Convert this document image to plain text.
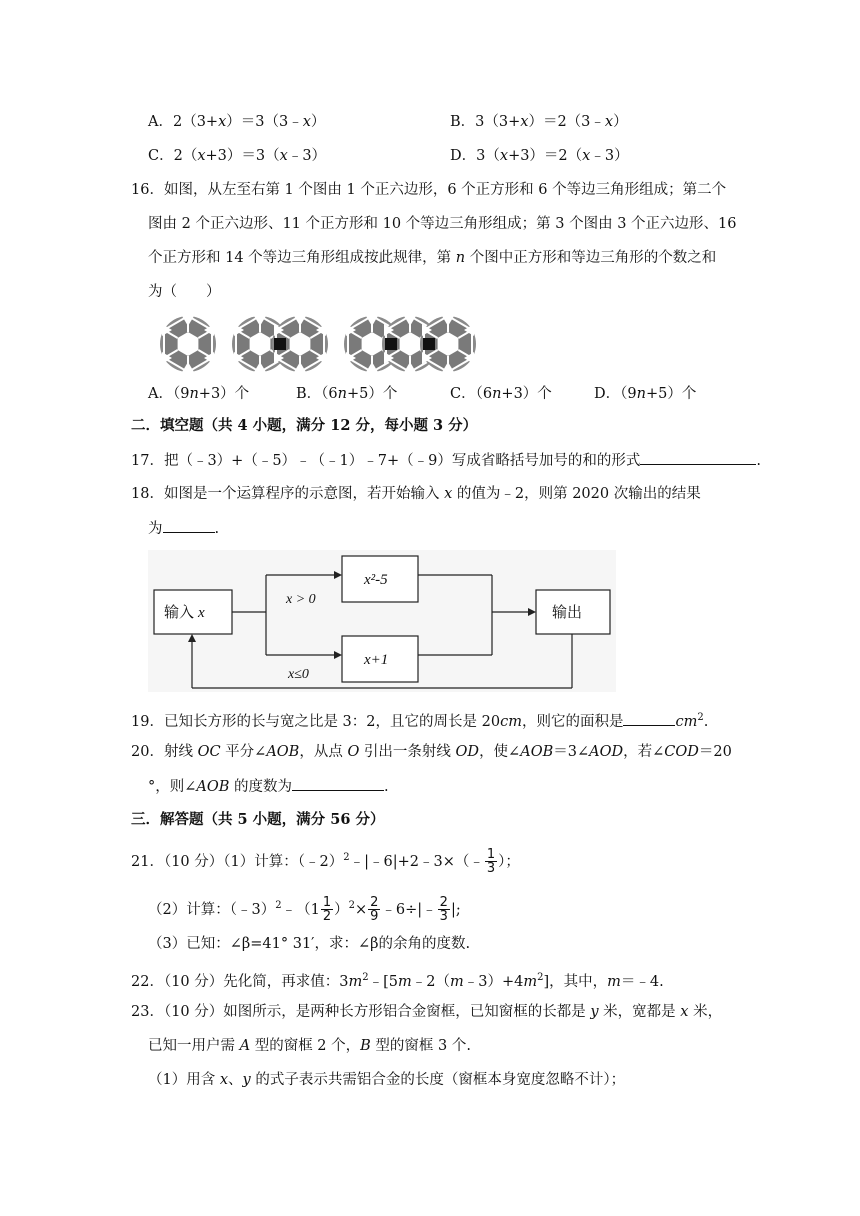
A．2（3+x）＝3（3﹣x）	B．3（3+x）＝2（3﹣x）
C．2（x+3）＝3（x﹣3）	D．3（x+3）＝2（x﹣3）
16．如图，从左至右第 1 个图由 1 个正六边形，6 个正方形和 6 个等边三角形组成；第二个
图由 2 个正六边形、11 个正方形和 10 个等边三角形组成；第 3 个图由 3 个正六边形、16
个正方形和 14 个等边三角形组成按此规律，第 n 个图中正方形和等边三角形的个数之和
为（　　）
A．（9n+3）个	B．（6n+5）个	C．（6n+3）个	D．（9n+5）个
二．填空题（共 4 小题，满分 12 分，每小题 3 分）
17．把（﹣3）+（﹣5）﹣（﹣1）﹣7+（﹣9）写成省略括号加号的和的形式	.
18．如图是一个运算程序的示意图，若开始输入 x 的值为﹣2，则第 2020 次输出的结果
为	.
输入 x
x > 0
x≤0
x²-5
x+1
输出
19．已知长方形的长与宽之比是 3：2，且它的周长是 20cm，则它的面积是	$cm^2$.
20．射线 OC 平分∠AOB，从点 O 引出一条射线 OD，使∠AOB＝3∠AOD，若∠COD＝20
°，则∠AOB 的度数为	.
三．解答题（共 5 小题，满分 56 分）
21．（10 分）（1）计算：（﹣2）$^2$﹣|﹣6|+2﹣3×（﹣ $\frac{1}{3}$ ）；
（2）计算：（﹣3）$^2$﹣（1 $\frac{1}{2} )^2\times \frac{2}{9}$ ﹣6÷|﹣ $\frac{2}{3}$ |;
（3）已知：∠β=41° 31′，求：∠β的余角的度数.
22．（10 分）先化简，再求值：$3m^2﹣[5m﹣2(m﹣3)+4m^2]$，其中，m＝﹣4.
23．（10 分）如图所示，是两种长方形铝合金窗框，已知窗框的长都是 y 米，宽都是 x 米，
已知一用户需 A 型的窗框 2 个，B 型的窗框 3 个.
（1）用含 x、y 的式子表示共需铝合金的长度（窗框本身宽度忽略不计）；
